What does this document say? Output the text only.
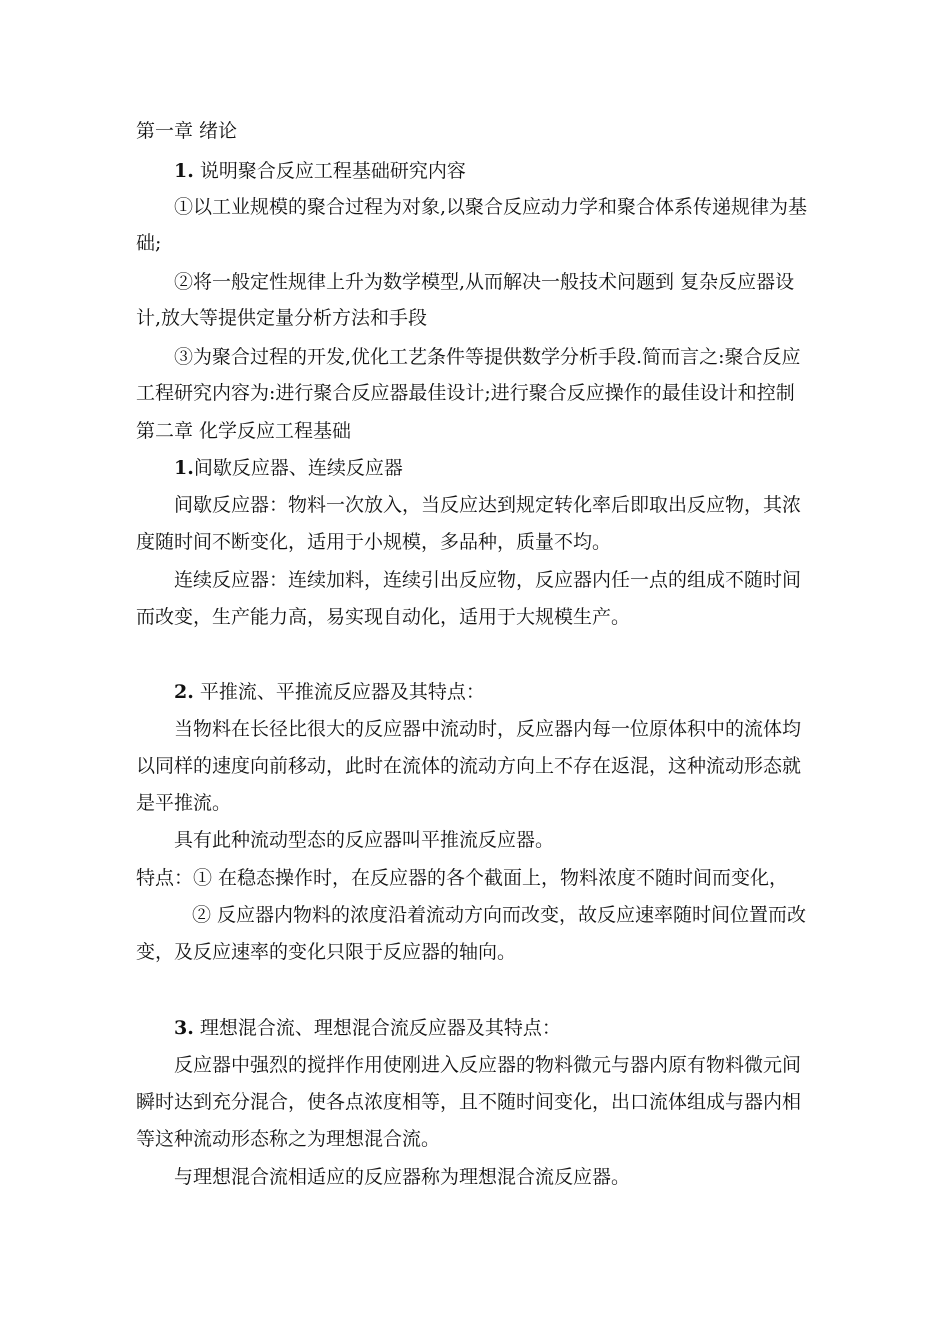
第一章 绪论
1. 说明聚合反应工程基础研究内容
①以工业规模的聚合过程为对象,以聚合反应动力学和聚合体系传递规律为基
础;
②将一般定性规律上升为数学模型,从而解决一般技术问题到 复杂反应器设
计,放大等提供定量分析方法和手段
③为聚合过程的开发,优化工艺条件等提供数学分析手段.简而言之:聚合反应
工程研究内容为:进行聚合反应器最佳设计;进行聚合反应操作的最佳设计和控制
第二章 化学反应工程基础
1.间歇反应器、连续反应器
间歇反应器：物料一次放入，当反应达到规定转化率后即取出反应物，其浓
度随时间不断变化，适用于小规模，多品种，质量不均。
连续反应器：连续加料，连续引出反应物，反应器内任一点的组成不随时间
而改变，生产能力高，易实现自动化，适用于大规模生产。
2. 平推流、平推流反应器及其特点：
当物料在长径比很大的反应器中流动时，反应器内每一位原体积中的流体均
以同样的速度向前移动，此时在流体的流动方向上不存在返混，这种流动形态就
是平推流。
具有此种流动型态的反应器叫平推流反应器。
特点：① 在稳态操作时，在反应器的各个截面上，物料浓度不随时间而变化，
② 反应器内物料的浓度沿着流动方向而改变，故反应速率随时间位置而改
变，及反应速率的变化只限于反应器的轴向。
3. 理想混合流、理想混合流反应器及其特点：
反应器中强烈的搅拌作用使刚进入反应器的物料微元与器内原有物料微元间
瞬时达到充分混合，使各点浓度相等，且不随时间变化，出口流体组成与器内相
等这种流动形态称之为理想混合流。
与理想混合流相适应的反应器称为理想混合流反应器。
